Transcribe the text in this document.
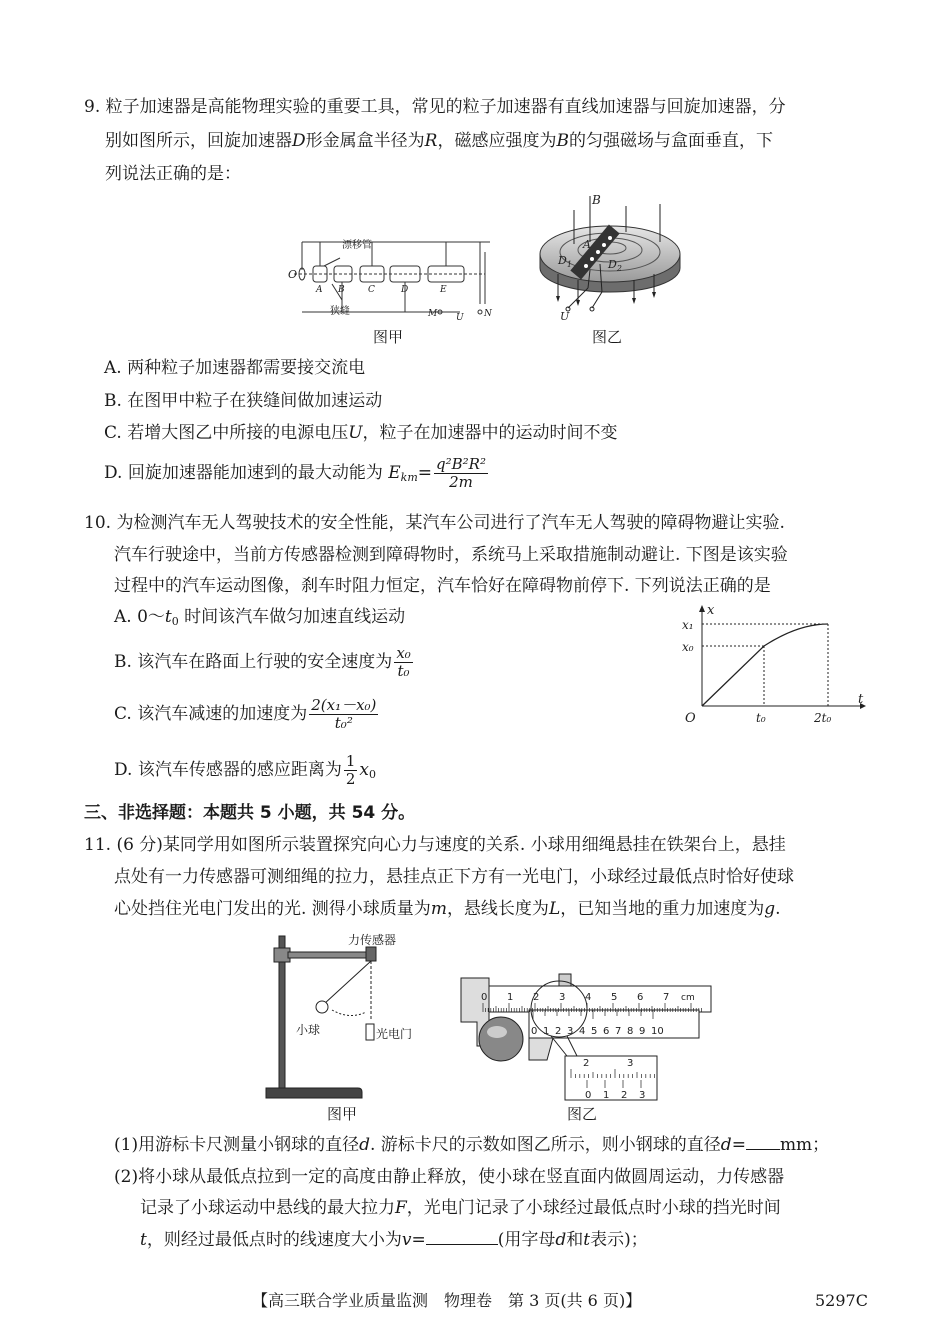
9. 粒子加速器是高能物理实验的重要工具，常见的粒子加速器有直线加速器与回旋加速器，分
别如图所示，回旋加速器D形金属盒半径为R，磁感应强度为B的匀强磁场与盒面垂直，下
列说法正确的是：
漂移管
O
A B	C	D	E
狭缝	M U N
图甲
B
A
$D_1$	$D_2$
U
图乙
A. 两种粒子加速器都需要接交流电
B. 在图甲中粒子在狭缝间做加速运动
C. 若增大图乙中所接的电源电压U，粒子在加速器中的运动时间不变
D. 回旋加速器能加速到的最大动能为 $E_{km}= \frac{\text{q²B²R²}}{2m}$
10. 为检测汽车无人驾驶技术的安全性能，某汽车公司进行了汽车无人驾驶的障碍物避让实验.
汽车行驶途中，当前方传感器检测到障碍物时，系统马上采取措施制动避让. 下图是该实验
过程中的汽车运动图像，刹车时阻力恒定，汽车恰好在障碍物前停下. 下列说法正确的是
A. $0\sim t_0$ 时间该汽车做匀加速直线运动
B. 该汽车在路面上行驶的安全速度为 $\frac{\text{x₀}}{\text{t₀}}$
C. 该汽车减速的加速度为 $\frac{\text{2(x₁－x₀)}}{\text{t₀²}}$
D. 该汽车传感器的感应距离为 $\frac{1}{2} x_0$
x
t
O
x₁
x₀
t₀	2t₀
三、非选择题：本题共 5 小题，共 54 分。
11. (6 分)某同学用如图所示装置探究向心力与速度的关系. 小球用细绳悬挂在铁架台上，悬挂
点处有一力传感器可测细绳的拉力，悬挂点正下方有一光电门，小球经过最低点时恰好使球
心处挡住光电门发出的光. 测得小球质量为m，悬线长度为L，已知当地的重力加速度为g.
力传感器
小球	光电门
图甲
0 1 2 3 4 5 6 7 cm
0 1 2 3 4 5 6 7 8 9 10
2	3
0 1 2 3
图乙
(1)用游标卡尺测量小钢球的直径d. 游标卡尺的示数如图乙所示，则小钢球的直径d= mm；
(2)将小球从最低点拉到一定的高度由静止释放，使小球在竖直面内做圆周运动，力传感器
记录了小球运动中悬线的最大拉力F，光电门记录了小球经过最低点时小球的挡光时间
t，则经过最低点时的线速度大小为v=	(用字母d和t表示)；
【高三联合学业质量监测　物理卷　第 3 页(共 6 页)】	5297C
